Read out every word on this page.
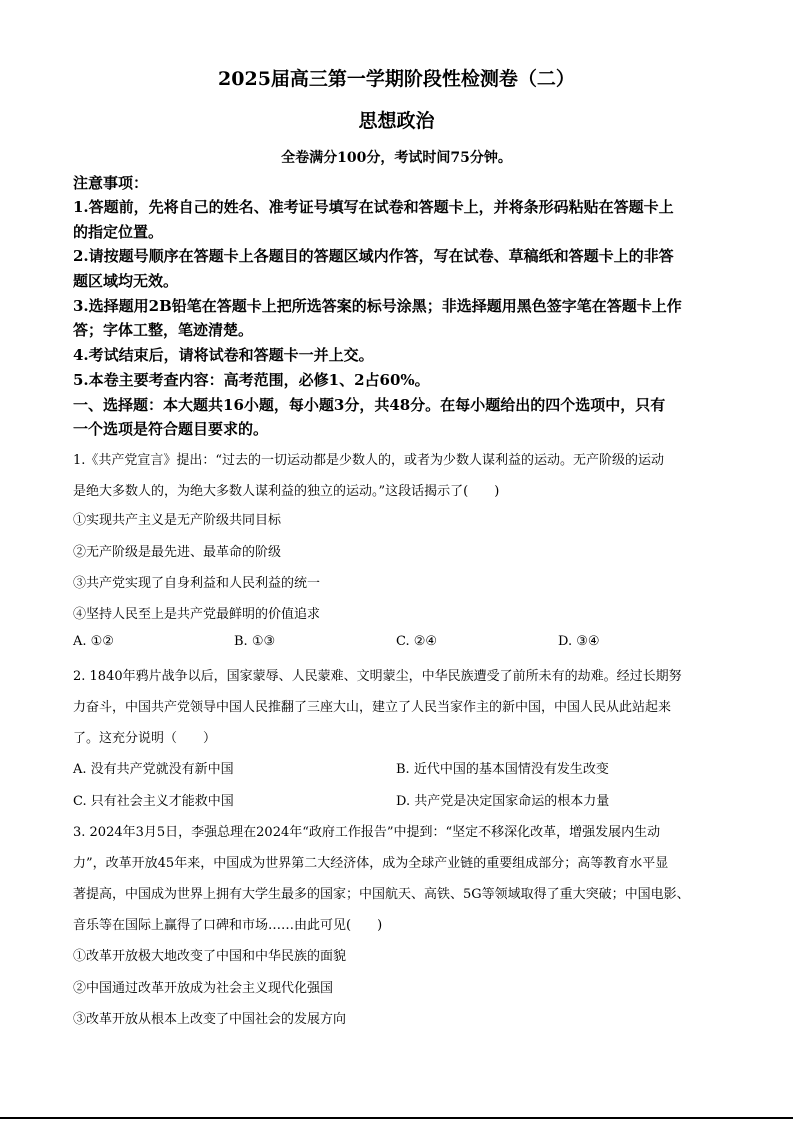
2025届高三第一学期阶段性检测卷（二）
思想政治
全卷满分100分，考试时间75分钟。
注意事项：
1.答题前，先将自己的姓名、准考证号填写在试卷和答题卡上，并将条形码粘贴在答题卡上
的指定位置。
2.请按题号顺序在答题卡上各题目的答题区域内作答，写在试卷、草稿纸和答题卡上的非答
题区域均无效。
3.选择题用2B铅笔在答题卡上把所选答案的标号涂黑；非选择题用黑色签字笔在答题卡上作
答；字体工整，笔迹清楚。
4.考试结束后，请将试卷和答题卡一并上交。
5.本卷主要考查内容：高考范围，必修1、2占60%。
一、选择题：本大题共16小题，每小题3分，共48分。在每小题给出的四个选项中，只有
一个选项是符合题目要求的。
1.《共产党宣言》提出：“过去的一切运动都是少数人的，或者为少数人谋利益的运动。无产阶级的运动
是绝大多数人的，为绝大多数人谋利益的独立的运动。”这段话揭示了(　　)
①实现共产主义是无产阶级共同目标
②无产阶级是最先进、最革命的阶级
③共产党实现了自身利益和人民利益的统一
④坚持人民至上是共产党最鲜明的价值追求
A. ①②	B. ①③	C. ②④	D. ③④
2. 1840年鸦片战争以后，国家蒙辱、人民蒙难、文明蒙尘，中华民族遭受了前所未有的劫难。经过长期努
力奋斗，中国共产党领导中国人民推翻了三座大山，建立了人民当家作主的新中国，中国人民从此站起来
了。这充分说明（　　）
A. 没有共产党就没有新中国	B. 近代中国的基本国情没有发生改变
C. 只有社会主义才能救中国	D. 共产党是决定国家命运的根本力量
3. 2024年3月5日，李强总理在2024年“政府工作报告”中提到：“坚定不移深化改革，增强发展内生动
力”，改革开放45年来，中国成为世界第二大经济体，成为全球产业链的重要组成部分；高等教育水平显
著提高，中国成为世界上拥有大学生最多的国家；中国航天、高铁、5G等领域取得了重大突破；中国电影、
音乐等在国际上赢得了口碑和市场……由此可见(　　)
①改革开放极大地改变了中国和中华民族的面貌
②中国通过改革开放成为社会主义现代化强国
③改革开放从根本上改变了中国社会的发展方向
